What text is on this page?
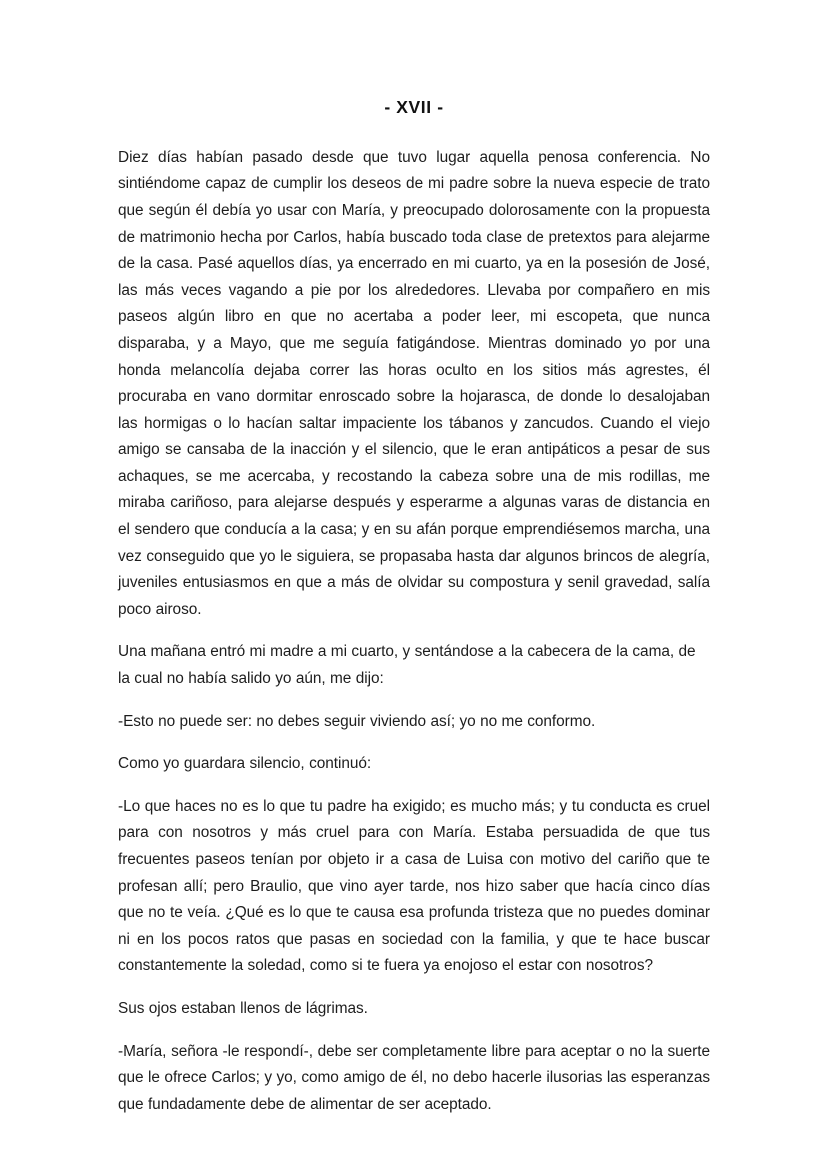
- XVII -

Diez días habían pasado desde que tuvo lugar aquella penosa conferencia. No sintiéndome capaz de cumplir los deseos de mi padre sobre la nueva especie de trato que según él debía yo usar con María, y preocupado dolorosamente con la propuesta de matrimonio hecha por Carlos, había buscado toda clase de pretextos para alejarme de la casa. Pasé aquellos días, ya encerrado en mi cuarto, ya en la posesión de José, las más veces vagando a pie por los alrededores. Llevaba por compañero en mis paseos algún libro en que no acertaba a poder leer, mi escopeta, que nunca disparaba, y a Mayo, que me seguía fatigándose. Mientras dominado yo por una honda melancolía dejaba correr las horas oculto en los sitios más agrestes, él procuraba en vano dormitar enroscado sobre la hojarasca, de donde lo desalojaban las hormigas o lo hacían saltar impaciente los tábanos y zancudos. Cuando el viejo amigo se cansaba de la inacción y el silencio, que le eran antipáticos a pesar de sus achaques, se me acercaba, y recostando la cabeza sobre una de mis rodillas, me miraba cariñoso, para alejarse después y esperarme a algunas varas de distancia en el sendero que conducía a la casa; y en su afán porque emprendiésemos marcha, una vez conseguido que yo le siguiera, se propasaba hasta dar algunos brincos de alegría, juveniles entusiasmos en que a más de olvidar su compostura y senil gravedad, salía poco airoso.

Una mañana entró mi madre a mi cuarto, y sentándose a la cabecera de la cama, de la cual no había salido yo aún, me dijo:

-Esto no puede ser: no debes seguir viviendo así; yo no me conformo.

Como yo guardara silencio, continuó:

-Lo que haces no es lo que tu padre ha exigido; es mucho más; y tu conducta es cruel para con nosotros y más cruel para con María. Estaba persuadida de que tus frecuentes paseos tenían por objeto ir a casa de Luisa con motivo del cariño que te profesan allí; pero Braulio, que vino ayer tarde, nos hizo saber que hacía cinco días que no te veía. ¿Qué es lo que te causa esa profunda tristeza que no puedes dominar ni en los pocos ratos que pasas en sociedad con la familia, y que te hace buscar constantemente la soledad, como si te fuera ya enojoso el estar con nosotros?

Sus ojos estaban llenos de lágrimas.

-María, señora -le respondí-, debe ser completamente libre para aceptar o no la suerte que le ofrece Carlos; y yo, como amigo de él, no debo hacerle ilusorias las esperanzas que fundadamente debe de alimentar de ser aceptado.
